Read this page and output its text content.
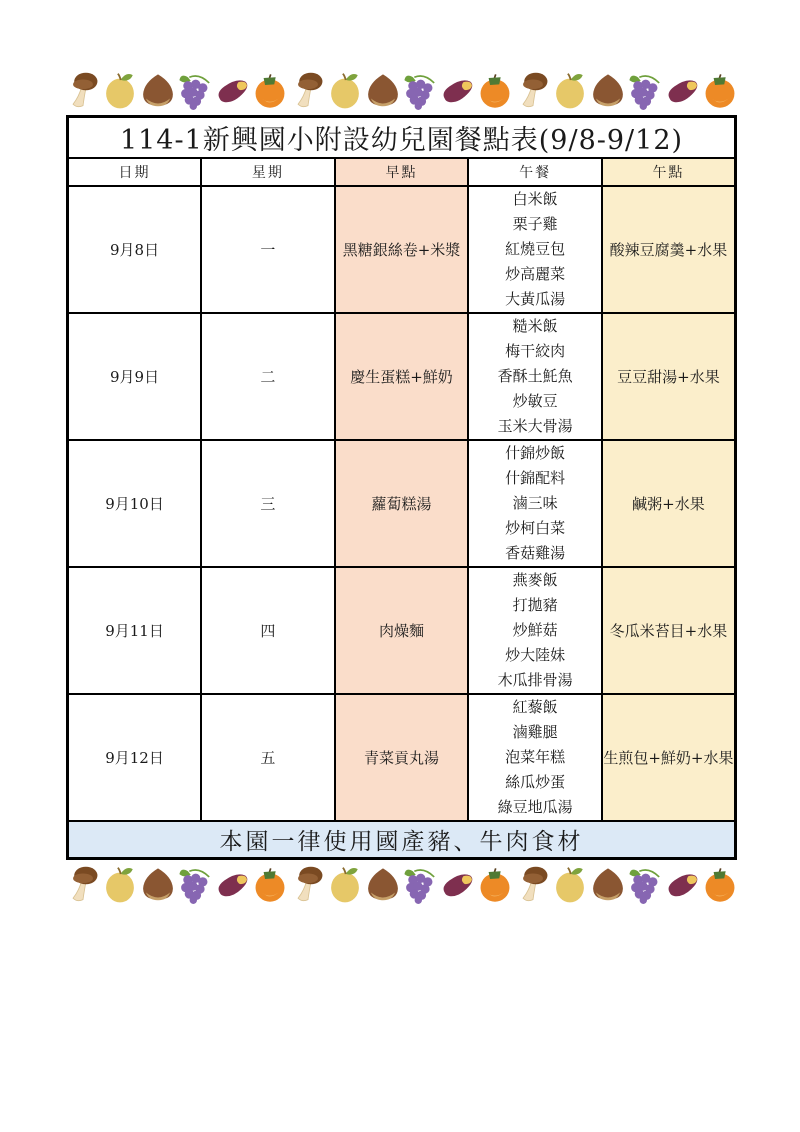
114-1新興國小附設幼兒園餐點表(9/8-9/12)				
日期	星期	早點	午餐	午點
9月8日	一	黑糖銀絲卷+米漿	白米飯
栗子雞
紅燒豆包
炒高麗菜
大黃瓜湯	酸辣豆腐羹+水果
9月9日	二	慶生蛋糕+鮮奶	糙米飯
梅干絞肉
香酥土魠魚
炒敏豆
玉米大骨湯	豆豆甜湯+水果
9月10日	三	蘿蔔糕湯	什錦炒飯
什錦配料
滷三味
炒柯白菜
香菇雞湯	鹹粥+水果
9月11日	四	肉燥麵	燕麥飯
打拋豬
炒鮮菇
炒大陸妹
木瓜排骨湯	冬瓜米苔目+水果
9月12日	五	青菜貢丸湯	紅藜飯
滷雞腿
泡菜年糕
絲瓜炒蛋
綠豆地瓜湯	生煎包+鮮奶+水果
本園一律使用國產豬、牛肉食材				
